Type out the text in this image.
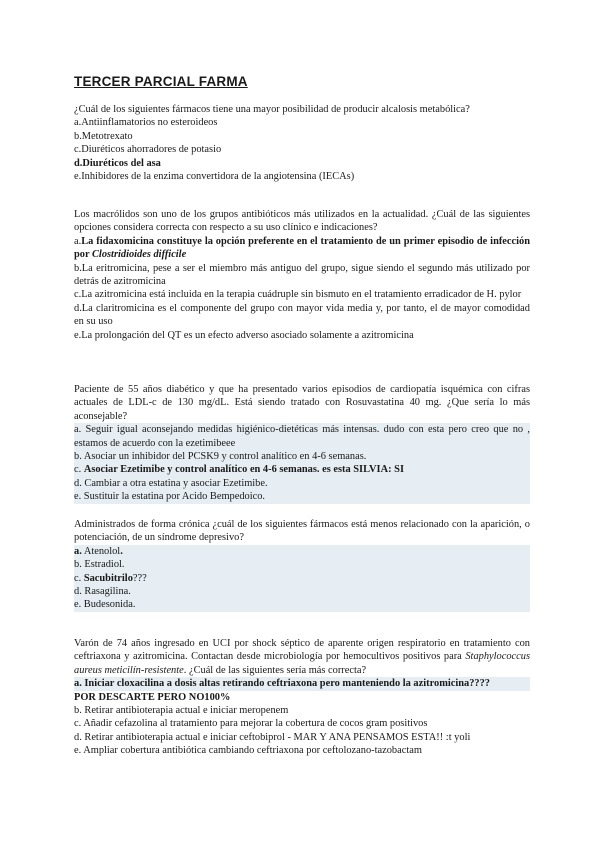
TERCER PARCIAL FARMA

¿Cuál de los siguientes fármacos tiene una mayor posibilidad de producir alcalosis metabólica?

a.Antiinflamatorios no esteroideos

b.Metotrexato

c.Diuréticos ahorradores de potasio

d.Diuréticos del asa

e.Inhibidores de la enzima convertidora de la angiotensina (IECAs)

Los macrólidos son uno de los grupos antibióticos más utilizados en la actualidad. ¿Cuál de las siguientes opciones considera correcta con respecto a su uso clínico e indicaciones?

a.La fidaxomicina constituye la opción preferente en el tratamiento de un primer episodio de infección por Clostridioides difficile

b.La eritromicina, pese a ser el miembro más antiguo del grupo, sigue siendo el segundo más utilizado por detrás de azitromicina

c.La azitromicina está incluida en la terapia cuádruple sin bismuto en el tratamiento erradicador de H. pylor

d.La claritromicina es el componente del grupo con mayor vida media y, por tanto, el de mayor comodidad en su uso

e.La prolongación del QT es un efecto adverso asociado solamente a azitromicina

Paciente de 55 años diabético y que ha presentado varios episodios de cardiopatía isquémica con cifras actuales de LDL-c de 130 mg/dL. Está siendo tratado con Rosuvastatina 40 mg. ¿Que sería lo más aconsejable?

a. Seguir igual aconsejando medidas higiénico-dietéticas más intensas. dudo con esta pero creo que no , estamos de acuerdo con la ezetimibeee

b. Asociar un inhibidor del PCSK9 y control analítico en 4-6 semanas.

c. Asociar Ezetimibe y control analítico en 4-6 semanas. es esta SILVIA: SI

d. Cambiar a otra estatina y asociar Ezetimibe.

e. Sustituir la estatina por Acido Bempedoico.

Administrados de forma crónica ¿cuál de los siguientes fármacos está menos relacionado con la aparición, o potenciación, de un síndrome depresivo?

a. Atenolol.

b. Estradiol.

c. Sacubitrilo???

d. Rasagilina.

e. Budesonida.

Varón de 74 años ingresado en UCI por shock séptico de aparente origen respiratorio en tratamiento con ceftriaxona y azitromicina. Contactan desde microbiología por hemocultivos positivos para Staphylococcus aureus meticilín-resistente. ¿Cuál de las siguientes sería más correcta?

a. Iniciar cloxacilina a dosis altas retirando ceftriaxona pero manteniendo la azitromicina????

POR DESCARTE PERO NO100%

b. Retirar antibioterapia actual e iniciar meropenem

c. Añadir cefazolina al tratamiento para mejorar la cobertura de cocos gram positivos

d. Retirar antibioterapia actual e iniciar ceftobiprol - MAR Y ANA PENSAMOS ESTA!! :t yoli

e. Ampliar cobertura antibiótica cambiando ceftriaxona por ceftolozano-tazobactam
